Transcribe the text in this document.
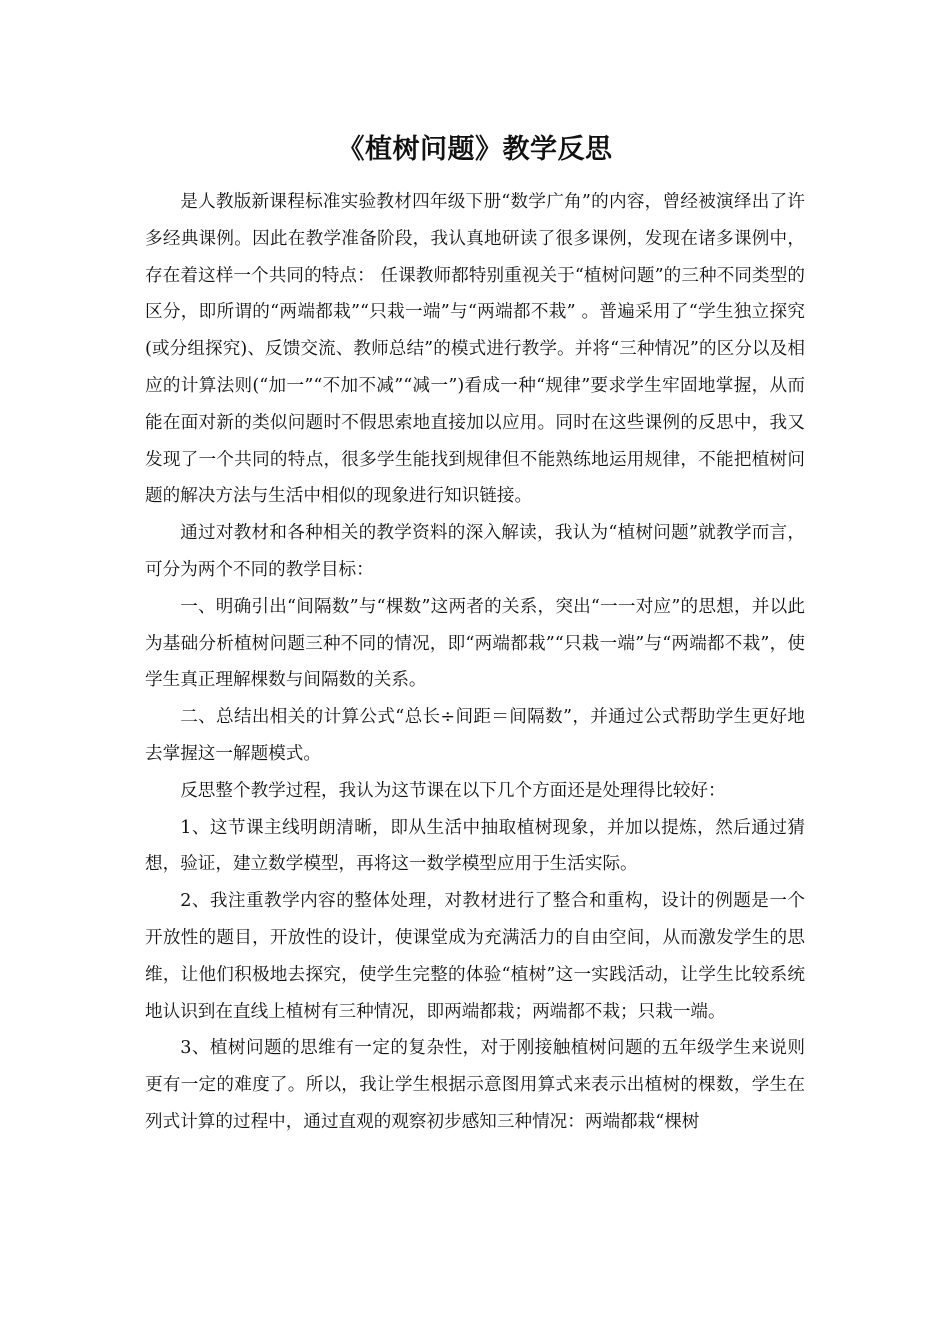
《植树问题》教学反思

是人教版新课程标准实验教材四年级下册“数学广角”的内容，曾经被演绎出了许多经典课例。因此在教学准备阶段，我认真地研读了很多课例，发现在诸多课例中，存在着这样一个共同的特点： 任课教师都特别重视关于“植树问题”的三种不同类型的区分，即所谓的“两端都栽”“只栽一端”与“两端都不栽” 。普遍采用了“学生独立探究(或分组探究)、反馈交流、教师总结”的模式进行教学。并将“三种情况”的区分以及相应的计算法则(“加一”“不加不减”“减一”)看成一种“规律”要求学生牢固地掌握，从而能在面对新的类似问题时不假思索地直接加以应用。同时在这些课例的反思中，我又发现了一个共同的特点，很多学生能找到规律但不能熟练地运用规律，不能把植树问题的解决方法与生活中相似的现象进行知识链接。

通过对教材和各种相关的教学资料的深入解读，我认为“植树问题”就教学而言，可分为两个不同的教学目标：

一、明确引出“间隔数”与“棵数”这两者的关系，突出“一一对应”的思想，并以此为基础分析植树问题三种不同的情况，即“两端都栽”“只栽一端”与“两端都不栽”，使学生真正理解棵数与间隔数的关系。

二、总结出相关的计算公式“总长÷间距＝间隔数”，并通过公式帮助学生更好地去掌握这一解题模式。

反思整个教学过程，我认为这节课在以下几个方面还是处理得比较好：

1、这节课主线明朗清晰，即从生活中抽取植树现象，并加以提炼，然后通过猜想，验证，建立数学模型，再将这一数学模型应用于生活实际。

2、我注重教学内容的整体处理，对教材进行了整合和重构，设计的例题是一个开放性的题目，开放性的设计，使课堂成为充满活力的自由空间，从而激发学生的思维，让他们积极地去探究，使学生完整的体验“植树”这一实践活动，让学生比较系统地认识到在直线上植树有三种情况，即两端都栽；两端都不栽；只栽一端。

3、植树问题的思维有一定的复杂性，对于刚接触植树问题的五年级学生来说则更有一定的难度了。所以，我让学生根据示意图用算式来表示出植树的棵数，学生在列式计算的过程中，通过直观的观察初步感知三种情况：两端都栽“棵树
